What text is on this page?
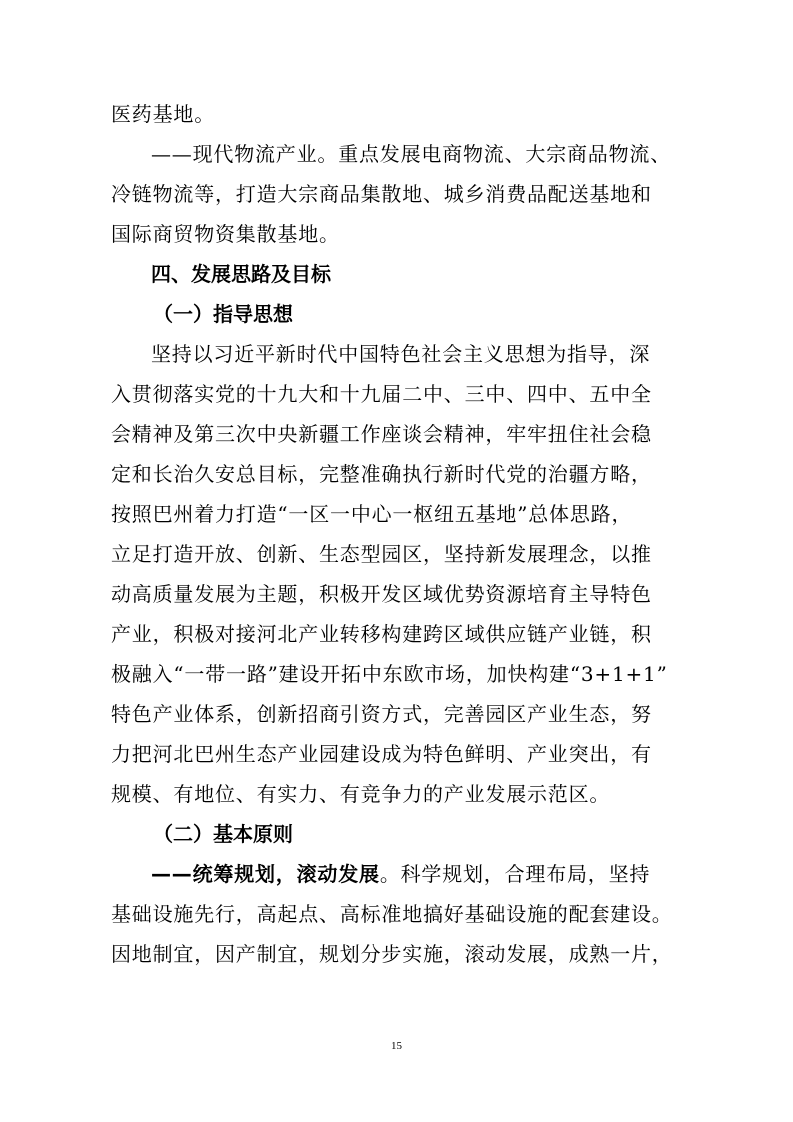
医药基地。
——现代物流产业。重点发展电商物流、大宗商品物流、
冷链物流等，打造大宗商品集散地、城乡消费品配送基地和
国际商贸物资集散基地。
四、发展思路及目标
（一）指导思想
坚持以习近平新时代中国特色社会主义思想为指导，深
入贯彻落实党的十九大和十九届二中、三中、四中、五中全
会精神及第三次中央新疆工作座谈会精神，牢牢扭住社会稳
定和长治久安总目标，完整准确执行新时代党的治疆方略，
按照巴州着力打造“一区一中心一枢纽五基地”总体思路，
立足打造开放、创新、生态型园区，坚持新发展理念，以推
动高质量发展为主题，积极开发区域优势资源培育主导特色
产业，积极对接河北产业转移构建跨区域供应链产业链，积
极融入“一带一路”建设开拓中东欧市场，加快构建“3+1+1”
特色产业体系，创新招商引资方式，完善园区产业生态，努
力把河北巴州生态产业园建设成为特色鲜明、产业突出，有
规模、有地位、有实力、有竞争力的产业发展示范区。
（二）基本原则
——统筹规划，滚动发展。科学规划，合理布局，坚持
基础设施先行，高起点、高标准地搞好基础设施的配套建设。
因地制宜，因产制宜，规划分步实施，滚动发展，成熟一片，
15
